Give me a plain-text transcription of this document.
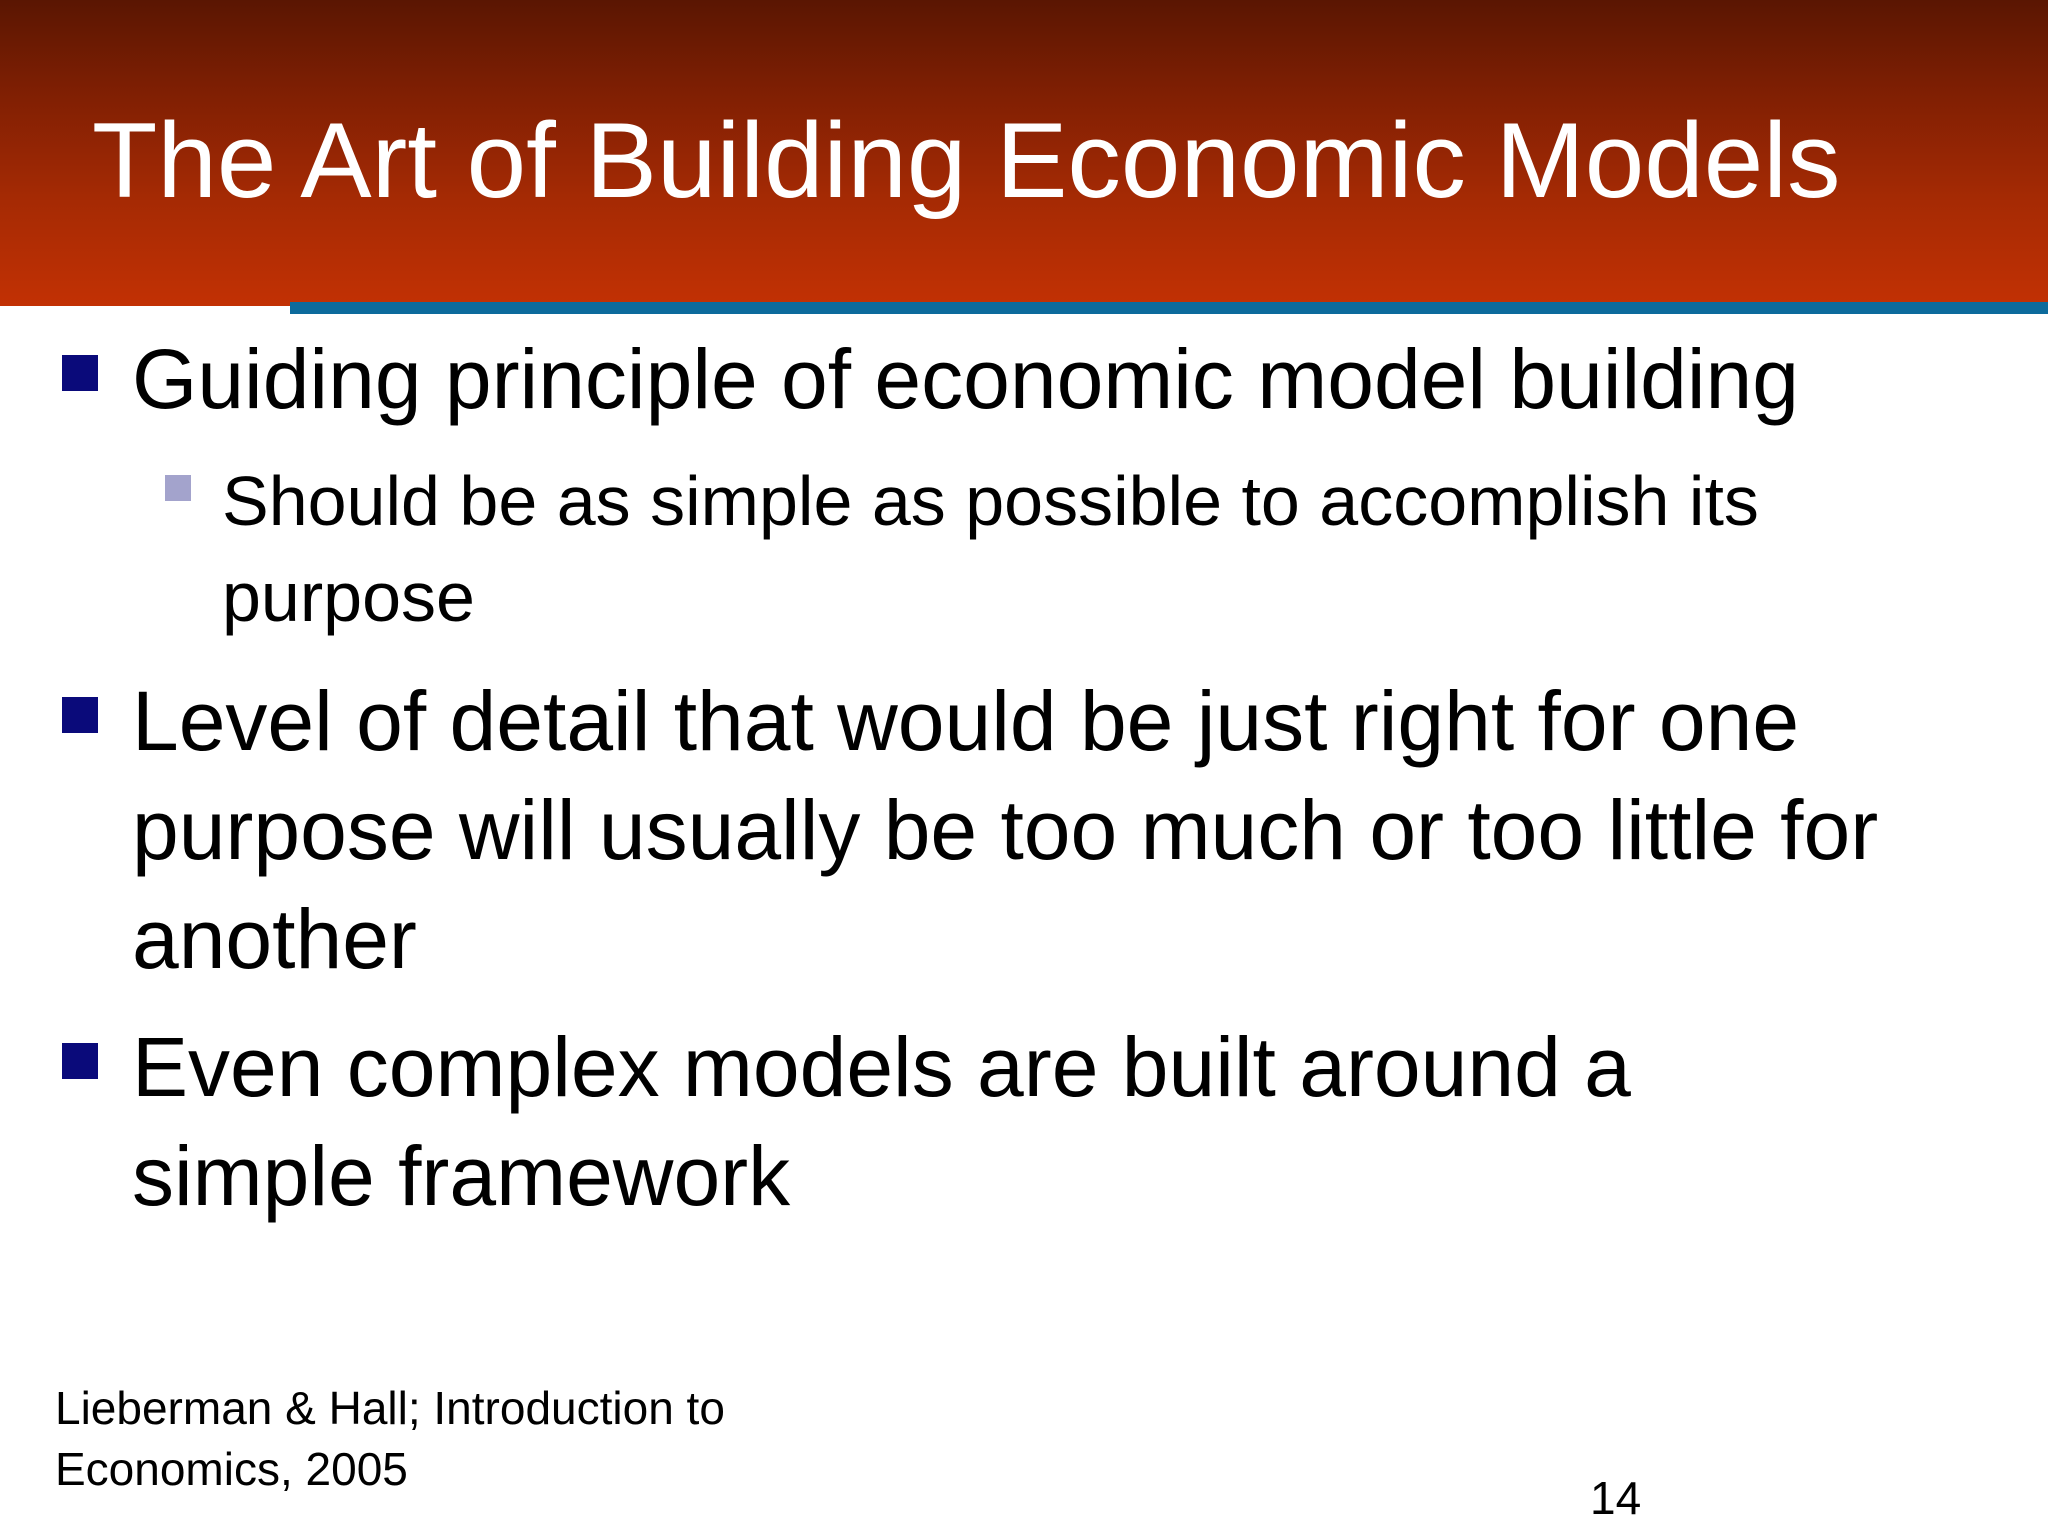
The Art of Building Economic Models
Guiding principle of economic model building
Should be as simple as possible to accomplish its purpose
Level of detail that would be just right for one purpose will usually be too much or too little for another
Even complex models are built around a simple framework
Lieberman & Hall; Introduction to
Economics, 2005
14
